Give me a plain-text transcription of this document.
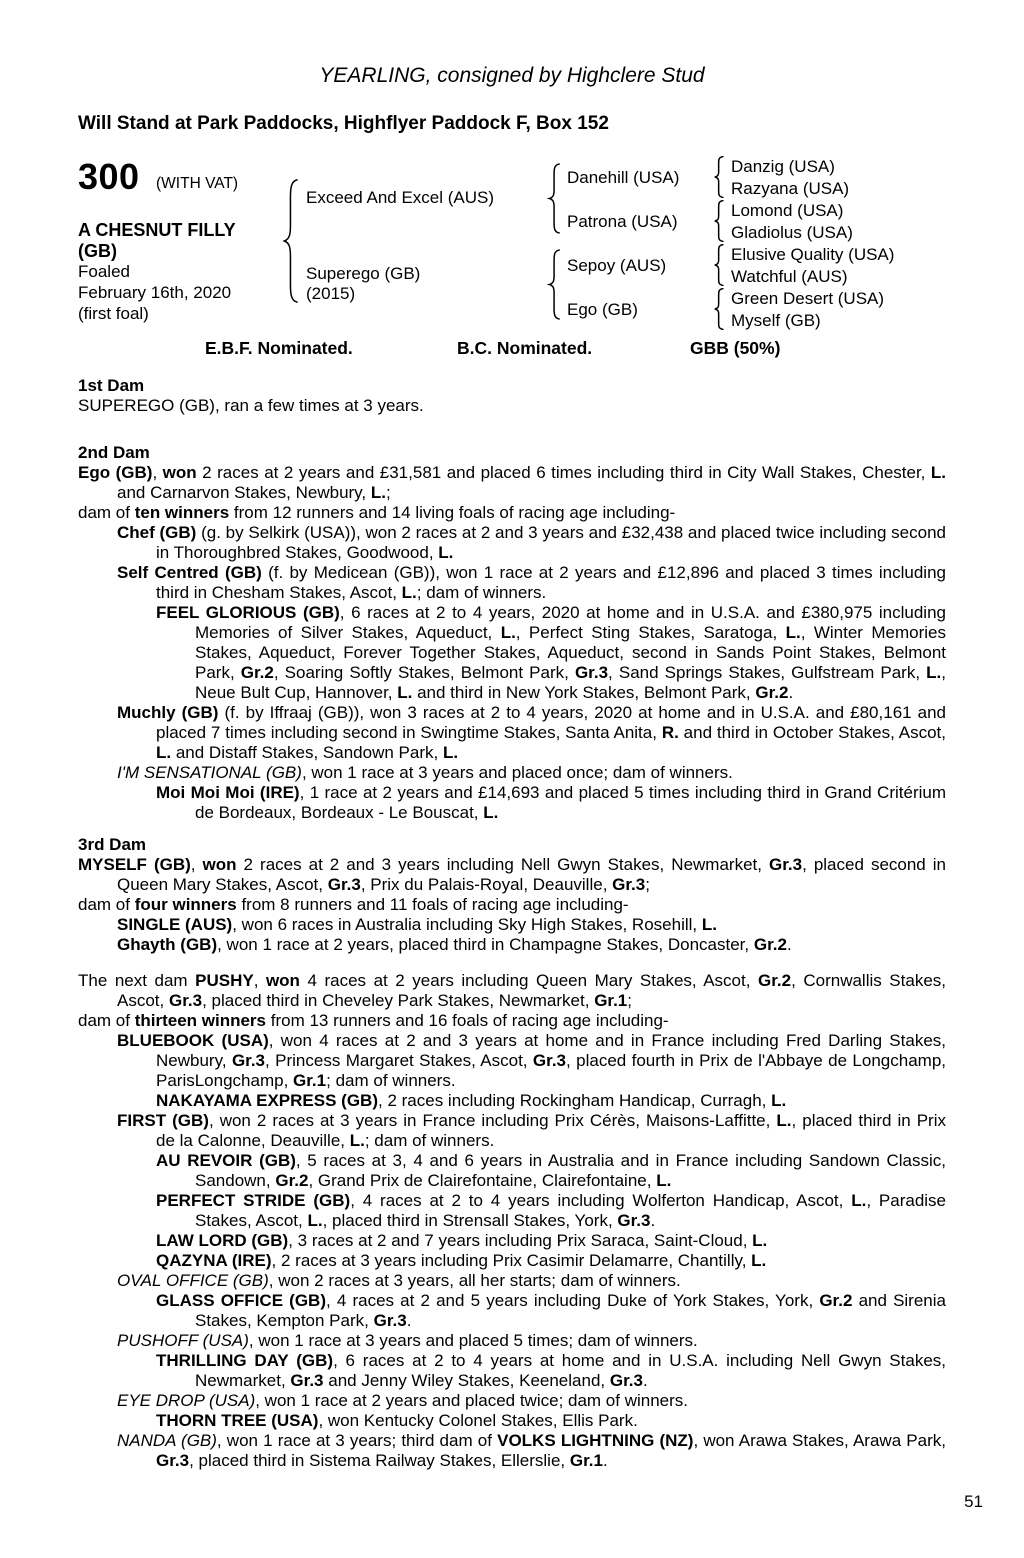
YEARLING, consigned by Highclere Stud
Will Stand at Park Paddocks, Highflyer Paddock F, Box 152
300 (WITH VAT)
A CHESNUT FILLY
(GB)
Foaled
February 16th, 2020
(first foal)
Exceed And Excel (AUS)
Superego (GB)
(2015)
Danehill (USA)
Patrona (USA)
Sepoy (AUS)
Ego (GB)
Danzig (USA)
Razyana (USA)
Lomond (USA)
Gladiolus (USA)
Elusive Quality (USA)
Watchful (AUS)
Green Desert (USA)
Myself (GB)
E.B.F. Nominated.	B.C. Nominated.	GBB (50%)
1st Dam
SUPEREGO (GB), ran a few times at 3 years.
2nd Dam
Ego (GB), won 2 races at 2 years and £31,581 and placed 6 times including third in City Wall Stakes, Chester, L. and Carnarvon Stakes, Newbury, L.;
dam of ten winners from 12 runners and 14 living foals of racing age including-
Chef (GB) (g. by Selkirk (USA)), won 2 races at 2 and 3 years and £32,438 and placed twice including second in Thoroughbred Stakes, Goodwood, L.
Self Centred (GB) (f. by Medicean (GB)), won 1 race at 2 years and £12,896 and placed 3 times including third in Chesham Stakes, Ascot, L.; dam of winners.
FEEL GLORIOUS (GB), 6 races at 2 to 4 years, 2020 at home and in U.S.A. and £380,975 including Memories of Silver Stakes, Aqueduct, L., Perfect Sting Stakes, Saratoga, L., Winter Memories Stakes, Aqueduct, Forever Together Stakes, Aqueduct, second in Sands Point Stakes, Belmont Park, Gr.2, Soaring Softly Stakes, Belmont Park, Gr.3, Sand Springs Stakes, Gulfstream Park, L., Neue Bult Cup, Hannover, L. and third in New York Stakes, Belmont Park, Gr.2.
Muchly (GB) (f. by Iffraaj (GB)), won 3 races at 2 to 4 years, 2020 at home and in U.S.A. and £80,161 and placed 7 times including second in Swingtime Stakes, Santa Anita, R. and third in October Stakes, Ascot, L. and Distaff Stakes, Sandown Park, L.
I'M SENSATIONAL (GB), won 1 race at 3 years and placed once; dam of winners.
Moi Moi Moi (IRE), 1 race at 2 years and £14,693 and placed 5 times including third in Grand Critérium de Bordeaux, Bordeaux - Le Bouscat, L.
3rd Dam
MYSELF (GB), won 2 races at 2 and 3 years including Nell Gwyn Stakes, Newmarket, Gr.3, placed second in Queen Mary Stakes, Ascot, Gr.3, Prix du Palais-Royal, Deauville, Gr.3;
dam of four winners from 8 runners and 11 foals of racing age including-
SINGLE (AUS), won 6 races in Australia including Sky High Stakes, Rosehill, L.
Ghayth (GB), won 1 race at 2 years, placed third in Champagne Stakes, Doncaster, Gr.2.
The next dam PUSHY, won 4 races at 2 years including Queen Mary Stakes, Ascot, Gr.2, Cornwallis Stakes, Ascot, Gr.3, placed third in Cheveley Park Stakes, Newmarket, Gr.1;
dam of thirteen winners from 13 runners and 16 foals of racing age including-
BLUEBOOK (USA), won 4 races at 2 and 3 years at home and in France including Fred Darling Stakes, Newbury, Gr.3, Princess Margaret Stakes, Ascot, Gr.3, placed fourth in Prix de l'Abbaye de Longchamp, ParisLongchamp, Gr.1; dam of winners.
NAKAYAMA EXPRESS (GB), 2 races including Rockingham Handicap, Curragh, L.
FIRST (GB), won 2 races at 3 years in France including Prix Cérès, Maisons-Laffitte, L., placed third in Prix de la Calonne, Deauville, L.; dam of winners.
AU REVOIR (GB), 5 races at 3, 4 and 6 years in Australia and in France including Sandown Classic, Sandown, Gr.2, Grand Prix de Clairefontaine, Clairefontaine, L.
PERFECT STRIDE (GB), 4 races at 2 to 4 years including Wolferton Handicap, Ascot, L., Paradise Stakes, Ascot, L., placed third in Strensall Stakes, York, Gr.3.
LAW LORD (GB), 3 races at 2 and 7 years including Prix Saraca, Saint-Cloud, L.
QAZYNA (IRE), 2 races at 3 years including Prix Casimir Delamarre, Chantilly, L.
OVAL OFFICE (GB), won 2 races at 3 years, all her starts; dam of winners.
GLASS OFFICE (GB), 4 races at 2 and 5 years including Duke of York Stakes, York, Gr.2 and Sirenia Stakes, Kempton Park, Gr.3.
PUSHOFF (USA), won 1 race at 3 years and placed 5 times; dam of winners.
THRILLING DAY (GB), 6 races at 2 to 4 years at home and in U.S.A. including Nell Gwyn Stakes, Newmarket, Gr.3 and Jenny Wiley Stakes, Keeneland, Gr.3.
EYE DROP (USA), won 1 race at 2 years and placed twice; dam of winners.
THORN TREE (USA), won Kentucky Colonel Stakes, Ellis Park.
NANDA (GB), won 1 race at 3 years; third dam of VOLKS LIGHTNING (NZ), won Arawa Stakes, Arawa Park, Gr.3, placed third in Sistema Railway Stakes, Ellerslie, Gr.1.
51
